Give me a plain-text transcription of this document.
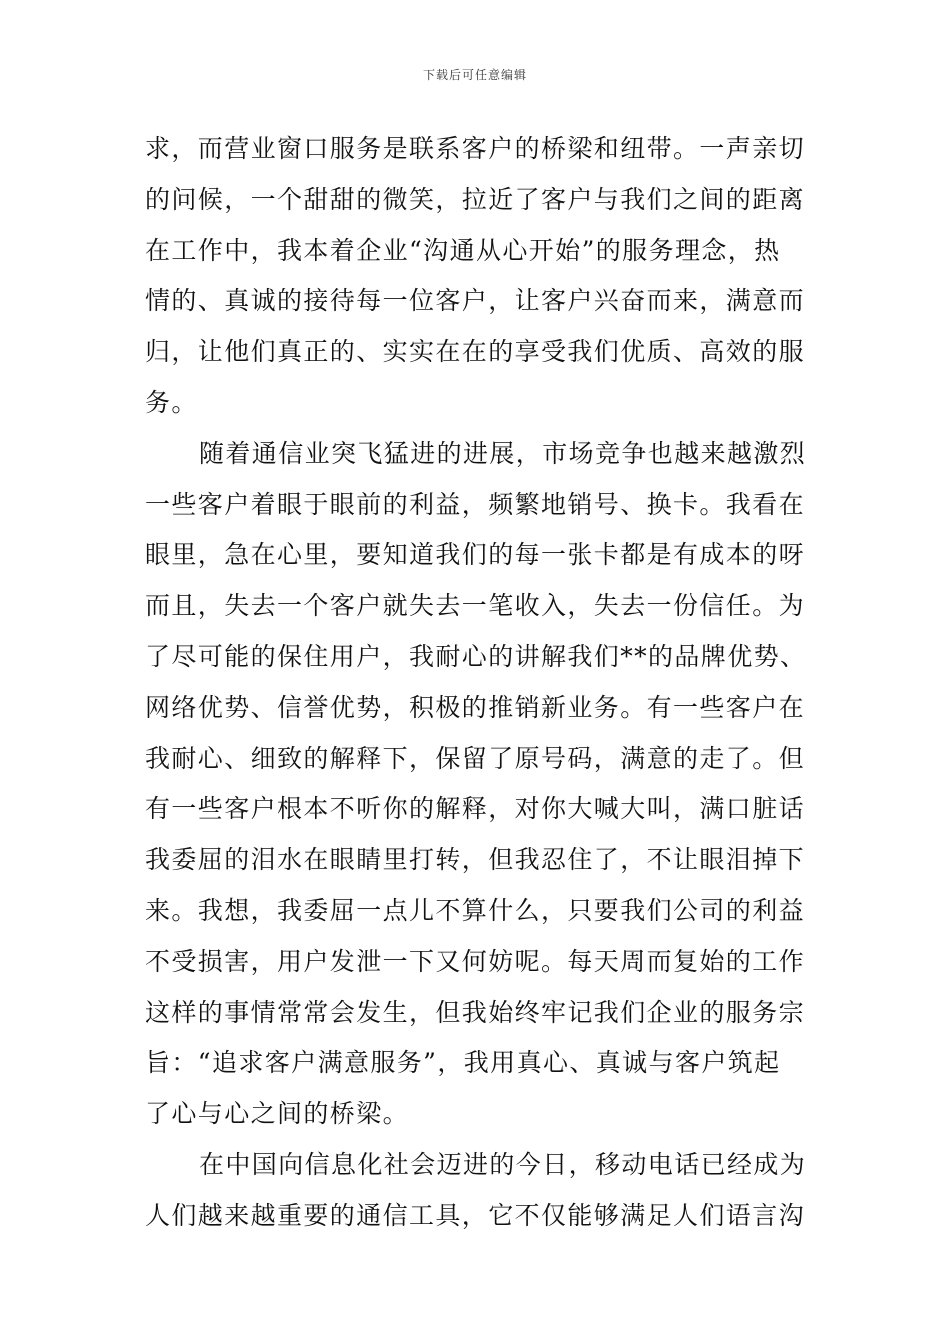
下载后可任意编辑
求，而营业窗口服务是联系客户的桥梁和纽带。一声亲切
的问候，一个甜甜的微笑，拉近了客户与我们之间的距离
在工作中，我本着企业“沟通从心开始”的服务理念，热
情的、真诚的接待每一位客户，让客户兴奋而来，满意而
归，让他们真正的、实实在在的享受我们优质、高效的服
务。
随着通信业突飞猛进的进展，市场竞争也越来越激烈
一些客户着眼于眼前的利益，频繁地销号、换卡。我看在
眼里，急在心里，要知道我们的每一张卡都是有成本的呀
而且，失去一个客户就失去一笔收入，失去一份信任。为
了尽可能的保住用户，我耐心的讲解我们**的品牌优势、
网络优势、信誉优势，积极的推销新业务。有一些客户在
我耐心、细致的解释下，保留了原号码，满意的走了。但
有一些客户根本不听你的解释，对你大喊大叫，满口脏话
我委屈的泪水在眼睛里打转，但我忍住了，不让眼泪掉下
来。我想，我委屈一点儿不算什么，只要我们公司的利益
不受损害，用户发泄一下又何妨呢。每天周而复始的工作
这样的事情常常会发生，但我始终牢记我们企业的服务宗
旨：“追求客户满意服务”，我用真心、真诚与客户筑起
了心与心之间的桥梁。
在中国向信息化社会迈进的今日，移动电话已经成为
人们越来越重要的通信工具，它不仅能够满足人们语言沟
